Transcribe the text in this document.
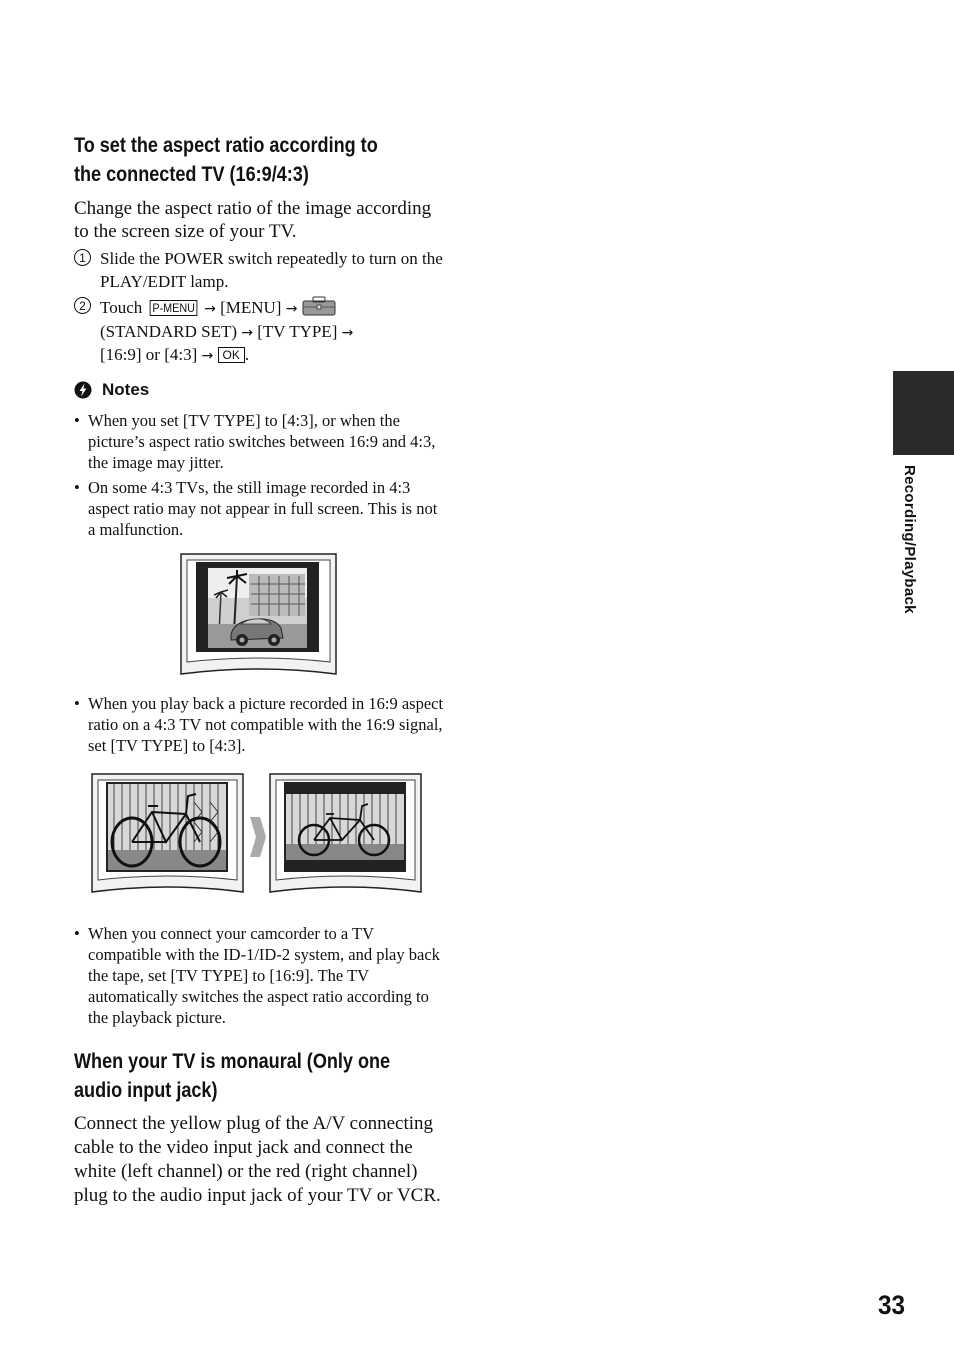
To set the aspect ratio according to
the connected TV (16:9/4:3)
Change the aspect ratio of the image according to the screen size of your TV.
1 Slide the POWER switch repeatedly to turn on the PLAY/EDIT lamp.
2 Touch P-MENU → [MENU] →
(STANDARD SET) → [TV TYPE] →
[16:9] or [4:3] → OK .
Notes
• When you set [TV TYPE] to [4:3], or when the picture’s aspect ratio switches between 16:9 and 4:3, the image may jitter.
• On some 4:3 TVs, the still image recorded in 4:3 aspect ratio may not appear in full screen. This is not a malfunction.
• When you play back a picture recorded in 16:9 aspect ratio on a 4:3 TV not compatible with the 16:9 signal, set [TV TYPE] to [4:3].
• When you connect your camcorder to a TV compatible with the ID-1/ID-2 system, and play back the tape, set [TV TYPE] to [16:9]. The TV automatically switches the aspect ratio according to the playback picture.
When your TV is monaural (Only one
audio input jack)
Connect the yellow plug of the A/V connecting cable to the video input jack and connect the white (left channel) or the red (right channel) plug to the audio input jack of your TV or VCR.
Recording/Playback
33
